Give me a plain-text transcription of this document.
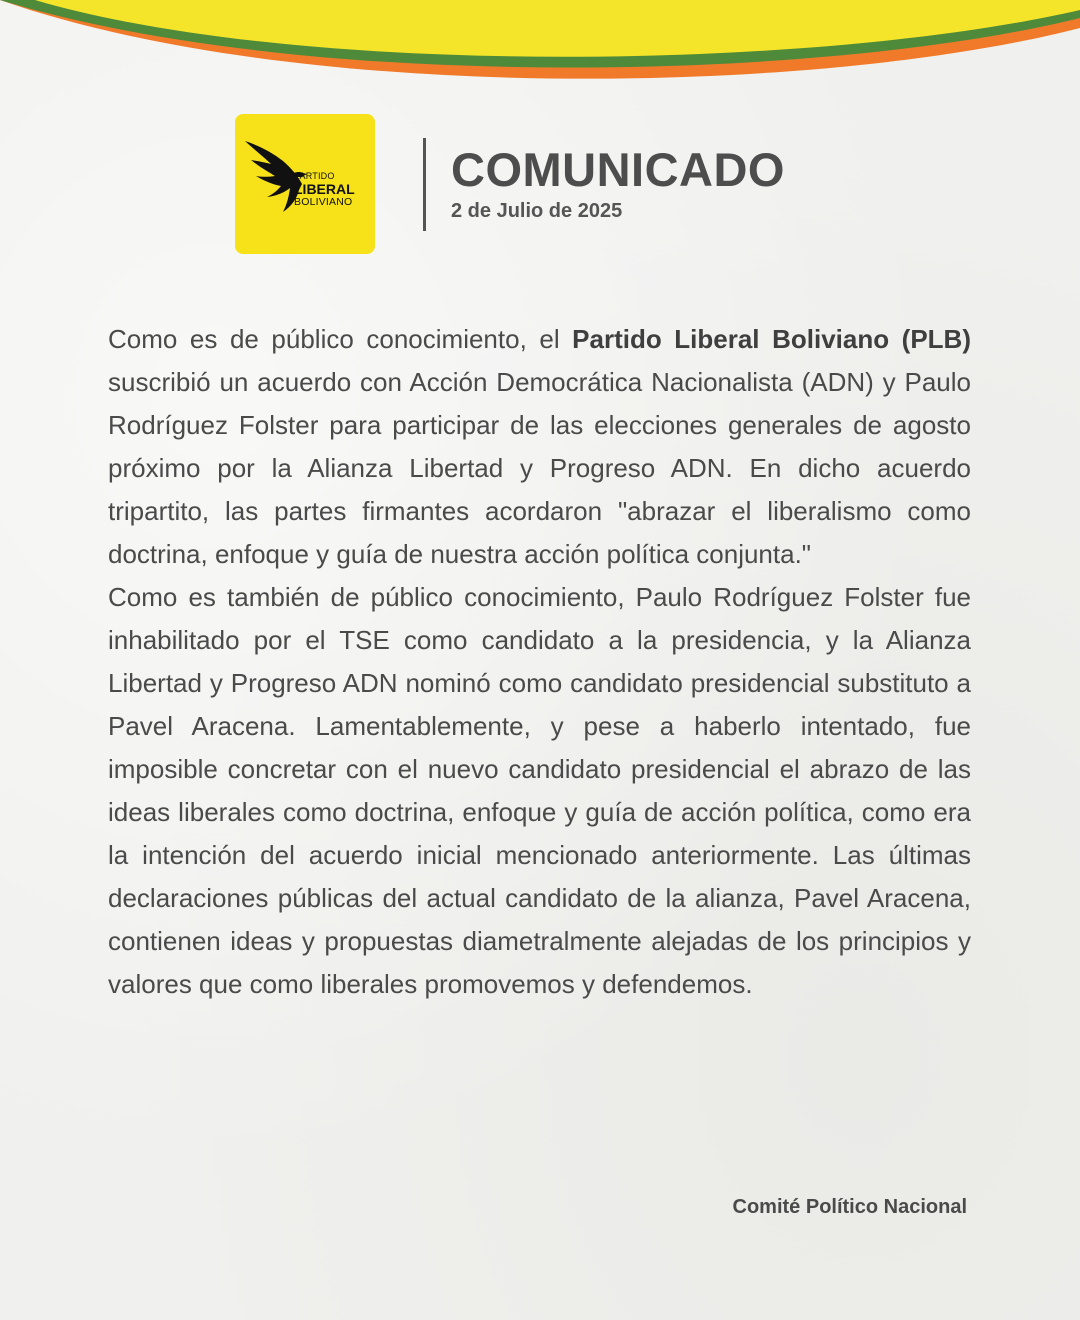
PARTIDO
LIBERAL
BOLIVIANO
COMUNICADO

2 de Julio de 2025

Como es de público conocimiento, el Partido Liberal Boliviano (PLB) suscribió un acuerdo con Acción Democrática Nacionalista (ADN) y Paulo Rodríguez Folster para participar de las elecciones generales de agosto próximo por la Alianza Libertad y Progreso ADN. En dicho acuerdo tripartito, las partes firmantes acordaron "abrazar el liberalismo como doctrina, enfoque y guía de nuestra acción política conjunta."

Como es también de público conocimiento, Paulo Rodríguez Folster fue inhabilitado por el TSE como candidato a la presidencia, y la Alianza Libertad y Progreso ADN nominó como candidato presidencial substituto a Pavel Aracena. Lamentablemente, y pese a haberlo intentado, fue imposible concretar con el nuevo candidato presidencial el abrazo de las ideas liberales como doctrina, enfoque y guía de acción política, como era la intención del acuerdo inicial mencionado anteriormente. Las últimas declaraciones públicas del actual candidato de la alianza, Pavel Aracena, contienen ideas y propuestas diametralmente alejadas de los principios y valores que como liberales promovemos y defendemos.

Comité Político Nacional
